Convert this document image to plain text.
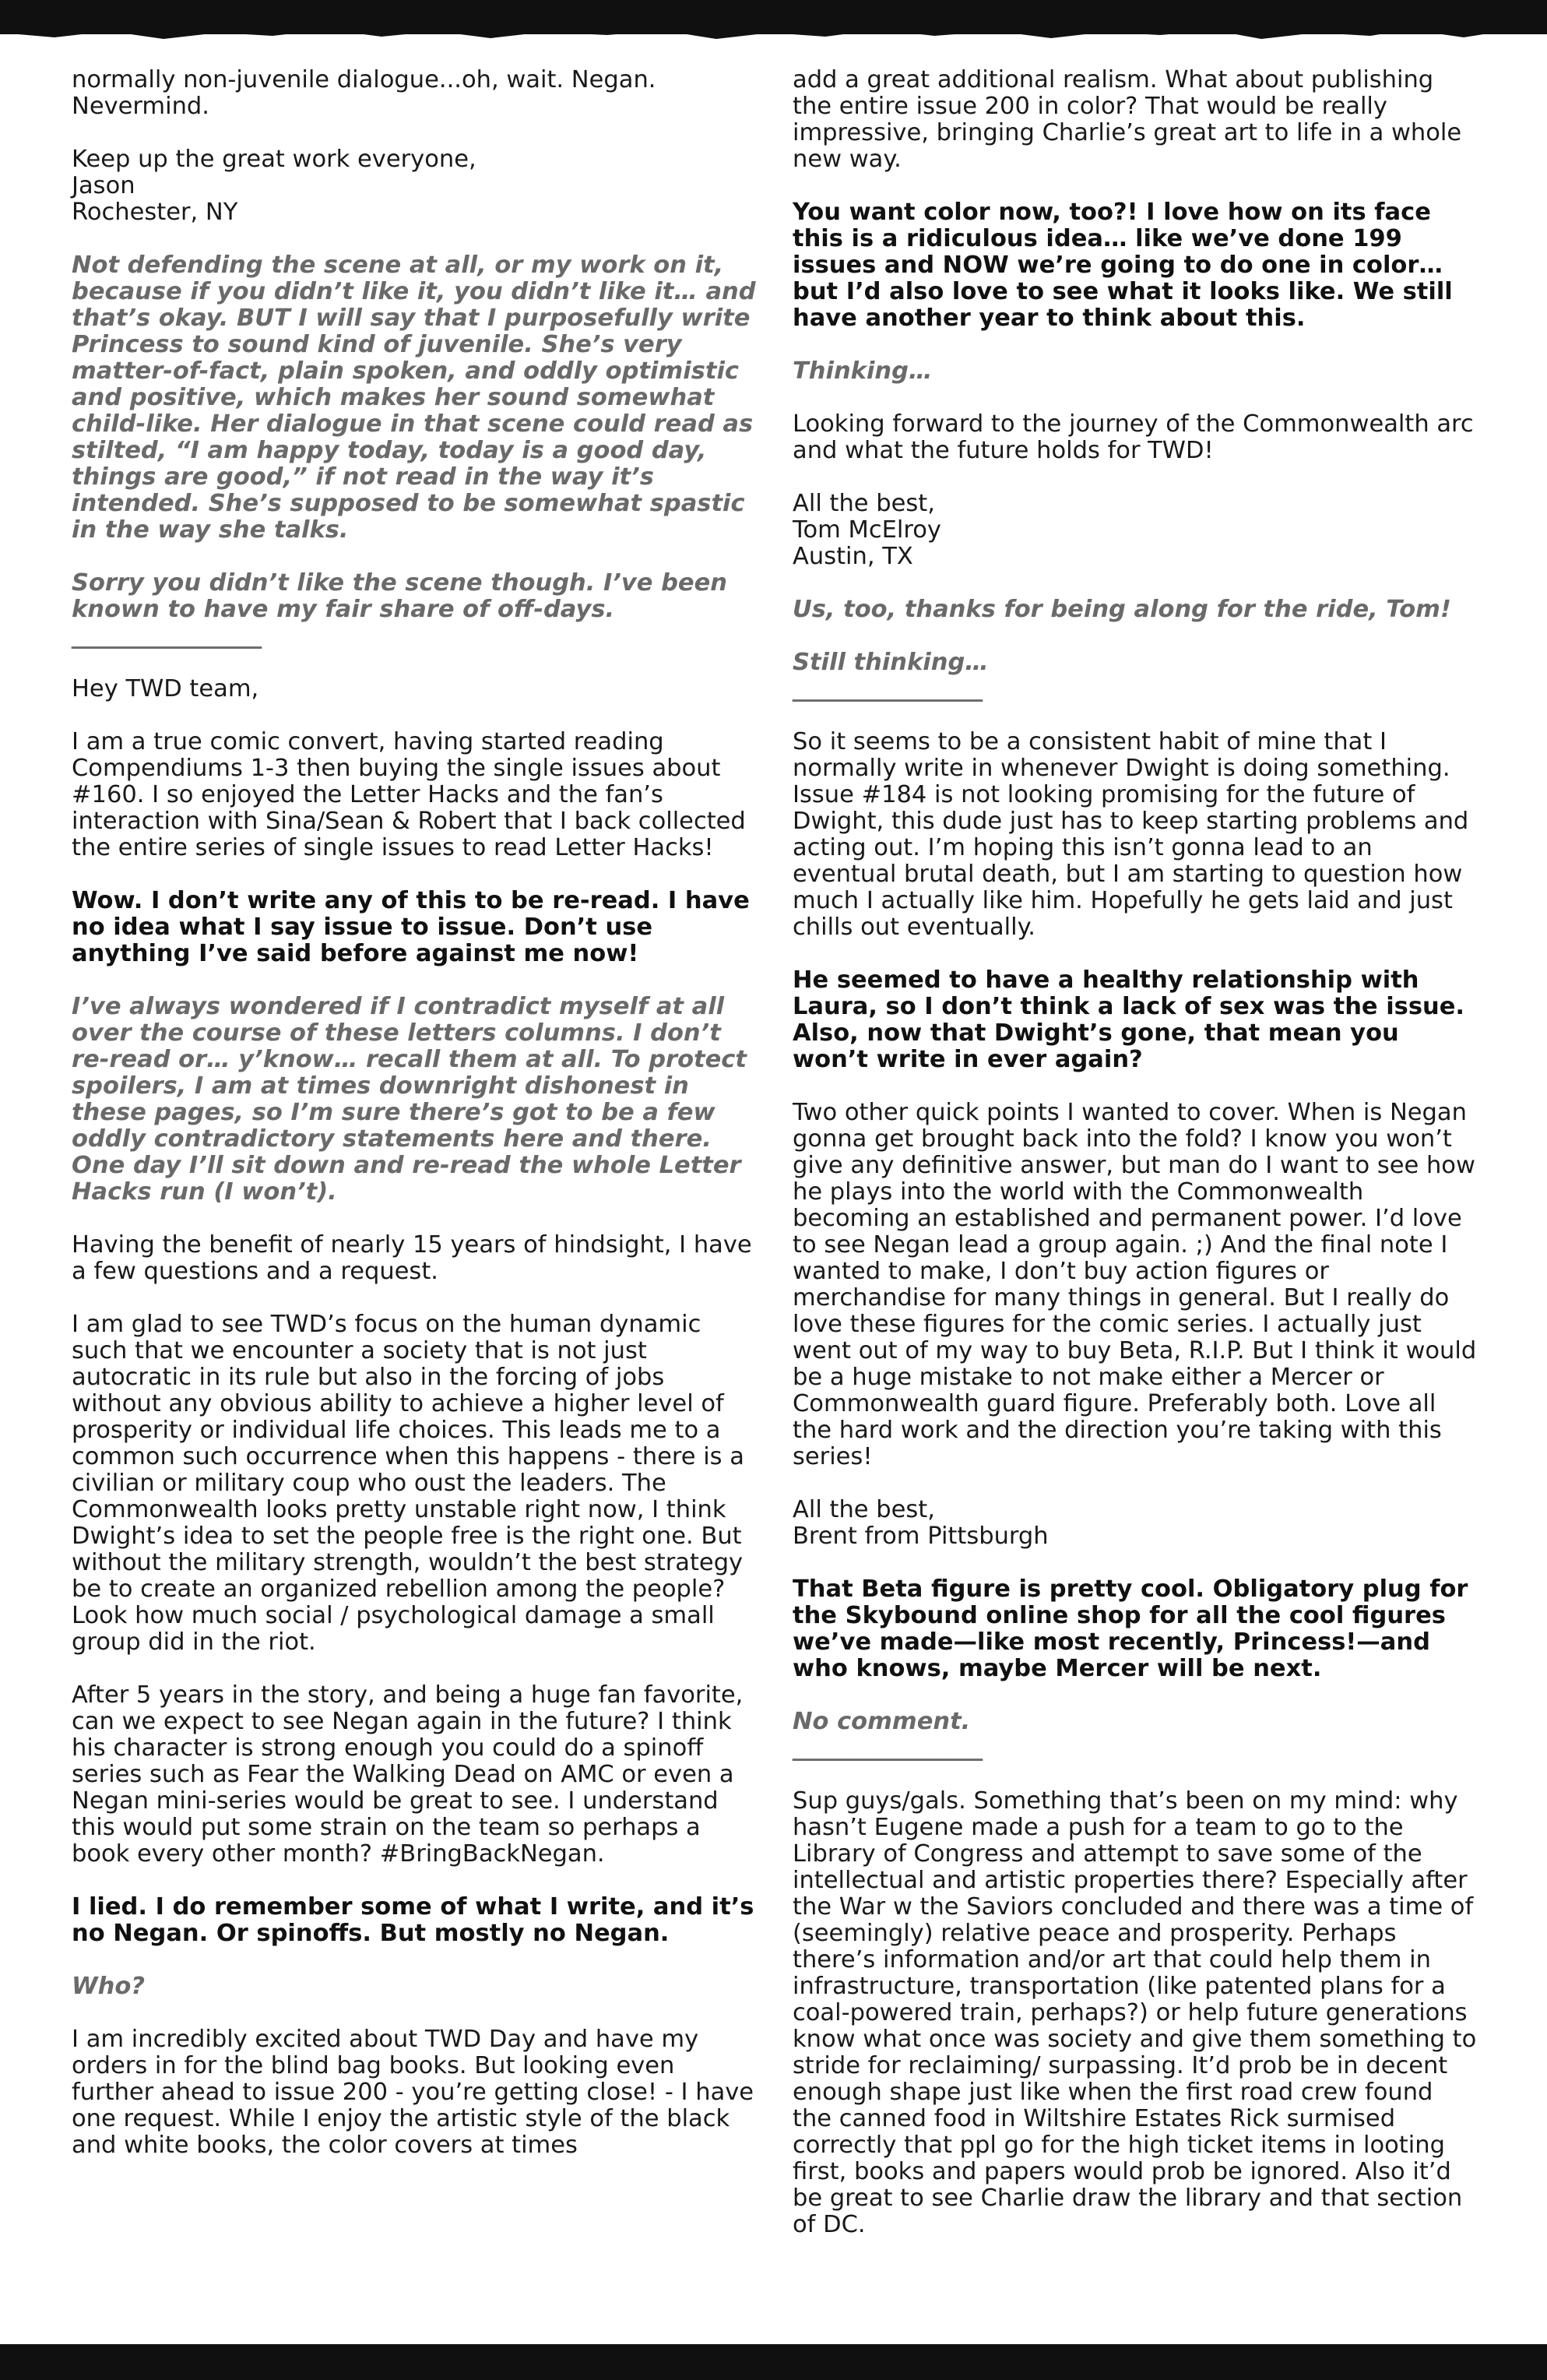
normally non-juvenile dialogue...oh, wait. Negan.
Nevermind.

Keep up the great work everyone,
Jason
Rochester, NY

Not defending the scene at all, or my work on it, because if you didn’t like it, you didn’t like it… and that’s okay. BUT I will say that I purposefully write Princess to sound kind of juvenile. She’s very matter-of-fact, plain spoken, and oddly optimistic and positive, which makes her sound somewhat child-like. Her dialogue in that scene could read as stilted, “I am happy today, today is a good day, things are good,” if not read in the way it’s intended. She’s supposed to be somewhat spastic in the way she talks.

Sorry you didn’t like the scene though. I’ve been known to have my fair share of off-days.
________________

Hey TWD team,

I am a true comic convert, having started reading Compendiums 1-3 then buying the single issues about #160. I so enjoyed the Letter Hacks and the fan’s interaction with Sina/Sean & Robert that I back collected the entire series of single issues to read Letter Hacks!

Wow. I don’t write any of this to be re-read. I have no idea what I say issue to issue. Don’t use anything I’ve said before against me now!

I’ve always wondered if I contradict myself at all over the course of these letters columns. I don’t re-read or… y’know… recall them at all. To protect spoilers, I am at times downright dishonest in these pages, so I’m sure there’s got to be a few oddly contradictory statements here and there. One day I’ll sit down and re-read the whole Letter Hacks run (I won’t).

Having the benefit of nearly 15 years of hindsight, I have a few questions and a request.

I am glad to see TWD’s focus on the human dynamic such that we encounter a society that is not just autocratic in its rule but also in the forcing of jobs without any obvious ability to achieve a higher level of prosperity or individual life choices. This leads me to a common such occurrence when this happens - there is a civilian or military coup who oust the leaders. The Commonwealth looks pretty unstable right now, I think Dwight’s idea to set the people free is the right one. But without the military strength, wouldn’t the best strategy be to create an organized rebellion among the people? Look how much social / psychological damage a small group did in the riot.

After 5 years in the story, and being a huge fan favorite, can we expect to see Negan again in the future? I think his character is strong enough you could do a spinoff series such as Fear the Walking Dead on AMC or even a Negan mini-series would be great to see. I understand this would put some strain on the team so perhaps a book every other month? #BringBackNegan.

I lied. I do remember some of what I write, and it’s no Negan. Or spinoffs. But mostly no Negan.

Who?

I am incredibly excited about TWD Day and have my orders in for the blind bag books. But looking even further ahead to issue 200 - you’re getting close! - I have one request. While I enjoy the artistic style of the black and white books, the color covers at times

add a great additional realism. What about publishing the entire issue 200 in color? That would be really impressive, bringing Charlie’s great art to life in a whole new way.

You want color now, too?! I love how on its face this is a ridiculous idea… like we’ve done 199 issues and NOW we’re going to do one in color… but I’d also love to see what it looks like. We still have another year to think about this.

Thinking…

Looking forward to the journey of the Commonwealth arc and what the future holds for TWD!

All the best,
Tom McElroy
Austin, TX

Us, too, thanks for being along for the ride, Tom!

Still thinking…
________________

So it seems to be a consistent habit of mine that I normally write in whenever Dwight is doing something. Issue #184 is not looking promising for the future of Dwight, this dude just has to keep starting problems and acting out. I’m hoping this isn’t gonna lead to an eventual brutal death, but I am starting to question how much I actually like him. Hopefully he gets laid and just chills out eventually.

He seemed to have a healthy relationship with Laura, so I don’t think a lack of sex was the issue. Also, now that Dwight’s gone, that mean you won’t write in ever again?

Two other quick points I wanted to cover. When is Negan gonna get brought back into the fold? I know you won’t give any definitive answer, but man do I want to see how he plays into the world with the Commonwealth becoming an established and permanent power. I’d love to see Negan lead a group again. ;) And the final note I wanted to make, I don’t buy action figures or merchandise for many things in general. But I really do love these figures for the comic series. I actually just went out of my way to buy Beta, R.I.P. But I think it would be a huge mistake to not make either a Mercer or Commonwealth guard figure. Preferably both. Love all the hard work and the direction you’re taking with this series!

All the best,
Brent from Pittsburgh

That Beta figure is pretty cool. Obligatory plug for the Skybound online shop for all the cool figures we’ve made—like most recently, Princess!—and who knows, maybe Mercer will be next.

No comment.
________________

Sup guys/gals. Something that’s been on my mind: why hasn’t Eugene made a push for a team to go to the Library of Congress and attempt to save some of the intellectual and artistic properties there? Especially after the War w the Saviors concluded and there was a time of (seemingly) relative peace and prosperity. Perhaps there’s information and/or art that could help them in infrastructure, transportation (like patented plans for a coal-powered train, perhaps?) or help future generations know what once was society and give them something to stride for reclaiming/ surpassing. It’d prob be in decent enough shape just like when the first road crew found the canned food in Wiltshire Estates Rick surmised correctly that ppl go for the high ticket items in looting first, books and papers would prob be ignored. Also it’d be great to see Charlie draw the library and that section of DC.
